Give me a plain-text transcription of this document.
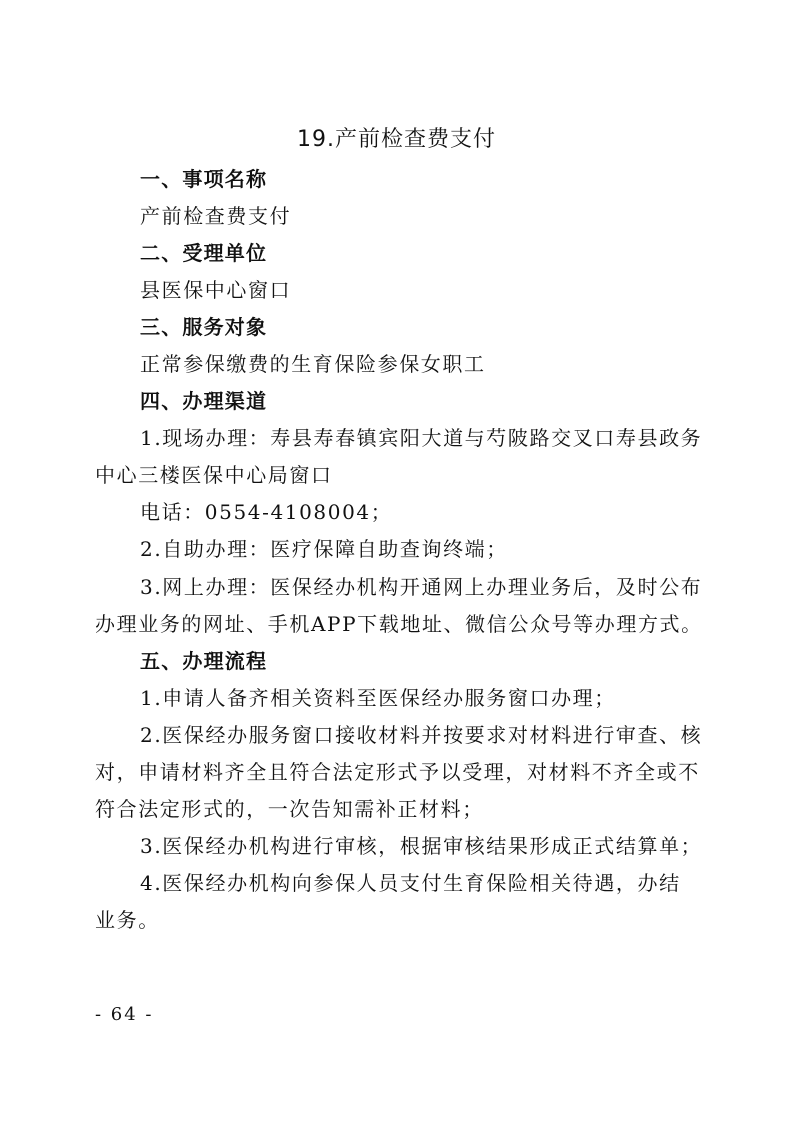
19.产前检查费支付
一、事项名称
产前检查费支付
二、受理单位
县医保中心窗口
三、服务对象
正常参保缴费的生育保险参保女职工
四、办理渠道
1.现场办理：寿县寿春镇宾阳大道与芍陂路交叉口寿县政务
中心三楼医保中心局窗口
电话：0554-4108004；
2.自助办理：医疗保障自助查询终端；
3.网上办理：医保经办机构开通网上办理业务后，及时公布
办理业务的网址、手机APP下载地址、微信公众号等办理方式。
五、办理流程
1.申请人备齐相关资料至医保经办服务窗口办理；
2.医保经办服务窗口接收材料并按要求对材料进行审查、核
对，申请材料齐全且符合法定形式予以受理，对材料不齐全或不
符合法定形式的，一次告知需补正材料；
3.医保经办机构进行审核，根据审核结果形成正式结算单；
4.医保经办机构向参保人员支付生育保险相关待遇，办结
业务。
- 64 -
